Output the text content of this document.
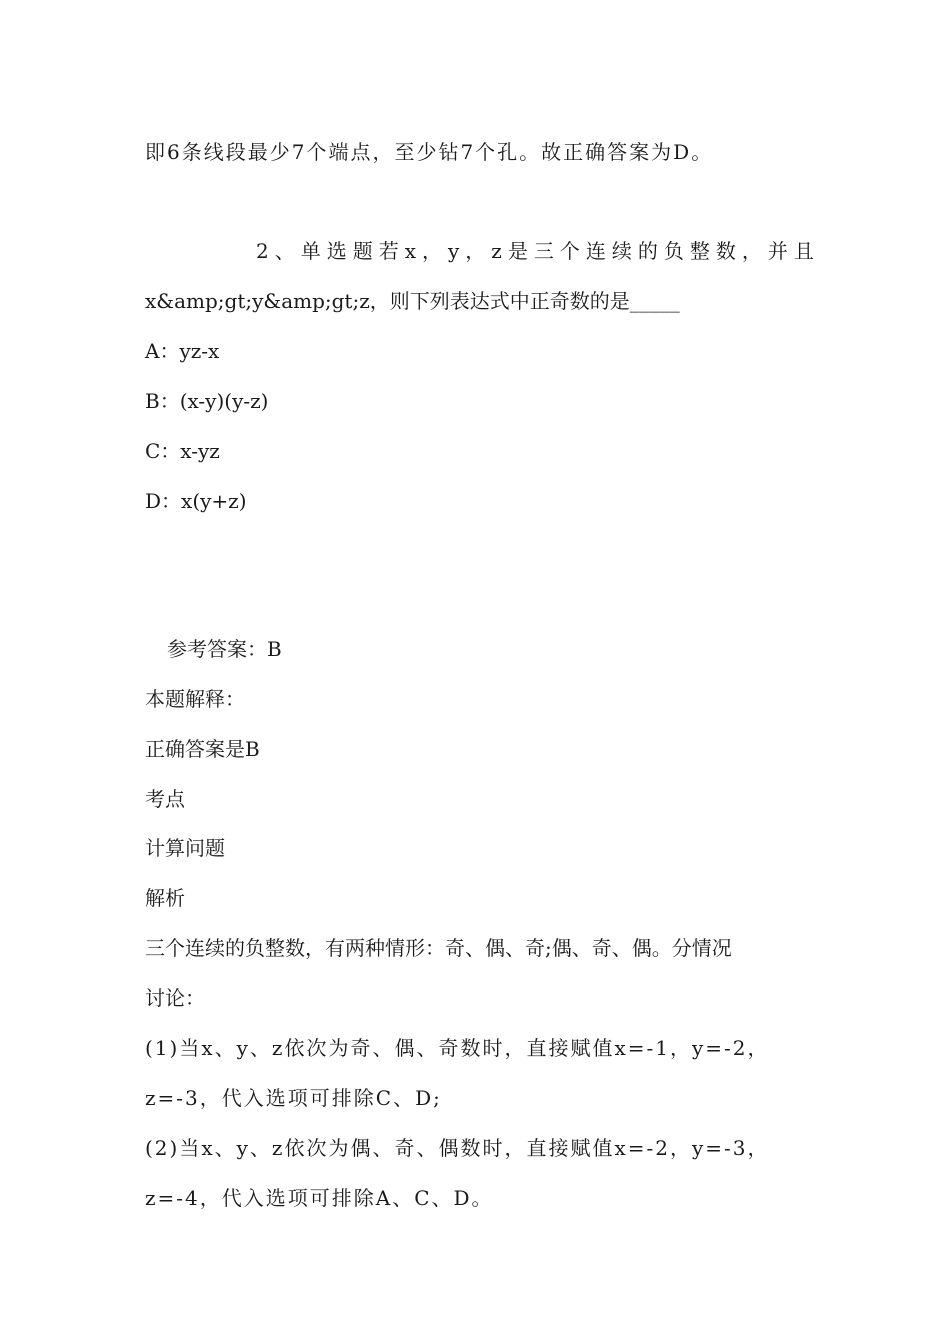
即6条线段最少7个端点，至少钻7个孔。故正确答案为D。
2、单选题若x，y，z是三个连续的负整数，并且
x&amp;gt;y&amp;gt;z，则下列表达式中正奇数的是_____
A：yz-x
B：(x-y)(y-z)
C：x-yz
D：x(y+z)
参考答案：B
本题解释：
正确答案是B
考点
计算问题
解析
三个连续的负整数，有两种情形：奇、偶、奇;偶、奇、偶。分情况
讨论：
(1)当x、y、z依次为奇、偶、奇数时，直接赋值x=-1，y=-2，
z=-3，代入选项可排除C、D;
(2)当x、y、z依次为偶、奇、偶数时，直接赋值x=-2，y=-3，
z=-4，代入选项可排除A、C、D。
